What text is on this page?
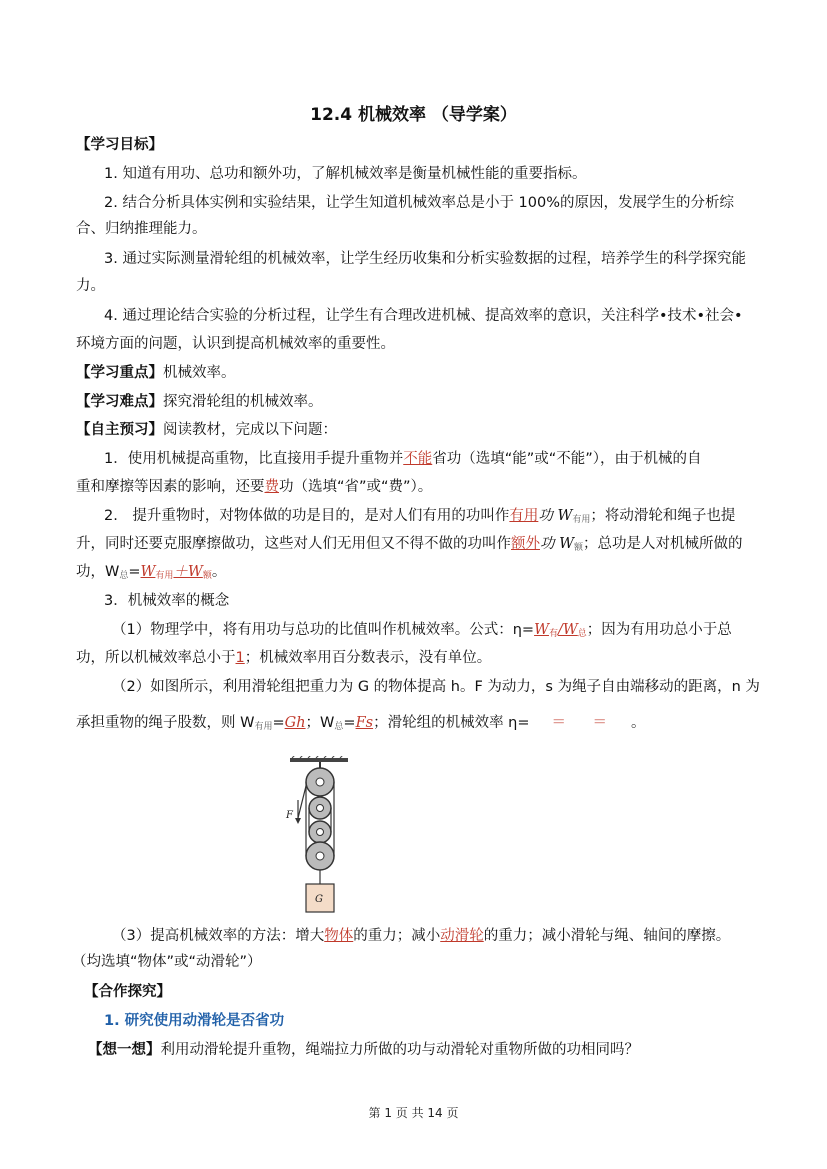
12.4 机械效率 （导学案）
【学习目标】
1. 知道有用功、总功和额外功，了解机械效率是衡量机械性能的重要指标。
2. 结合分析具体实例和实验结果，让学生知道机械效率总是小于 100%的原因，发展学生的分析综
合、归纳推理能力。
3. 通过实际测量滑轮组的机械效率，让学生经历收集和分析实验数据的过程，培养学生的科学探究能
力。
4. 通过理论结合实验的分析过程，让学生有合理改进机械、提高效率的意识，关注科学•技术•社会•
环境方面的问题，认识到提高机械效率的重要性。
【学习重点】机械效率。
【学习难点】探究滑轮组的机械效率。
【自主预习】阅读教材，完成以下问题：
1．使用机械提高重物，比直接用手提升重物并不能省功（选填“能”或“不能”），由于机械的自
重和摩擦等因素的影响，还要费功（选填“省”或“费”）。
2.　提升重物时，对物体做的功是目的，是对人们有用的功叫作有用功 $W_{有用}$；将动滑轮和绳子也提
升，同时还要克服摩擦做功，这些对人们无用但又不得不做的功叫作额外功 $W_额$；总功是人对机械所做的
功，$W_总=W$有用＋W额。
3．机械效率的概念
（1）物理学中，将有用功与总功的比值叫作机械效率。公式：η=W有/W总；因为有用功总小于总
功，所以机械效率总小于1；机械效率用百分数表示，没有单位。
（2）如图所示，利用滑轮组把重力为 G 的物体提高 h。F 为动力，s 为绳子自由端移动的距离，n 为
承担重物的绳子股数，则 $W_{有用}=Gh$；$W_总=Fs$；滑轮组的机械效率 η= ＝　＝ 。
F
G
（3）提高机械效率的方法：增大物体的重力；减小动滑轮的重力；减小滑轮与绳、轴间的摩擦。
（均选填“物体”或“动滑轮”）
【合作探究】
1. 研究使用动滑轮是否省功
【想一想】利用动滑轮提升重物，绳端拉力所做的功与动滑轮对重物所做的功相同吗？
第 1 页 共 14 页
